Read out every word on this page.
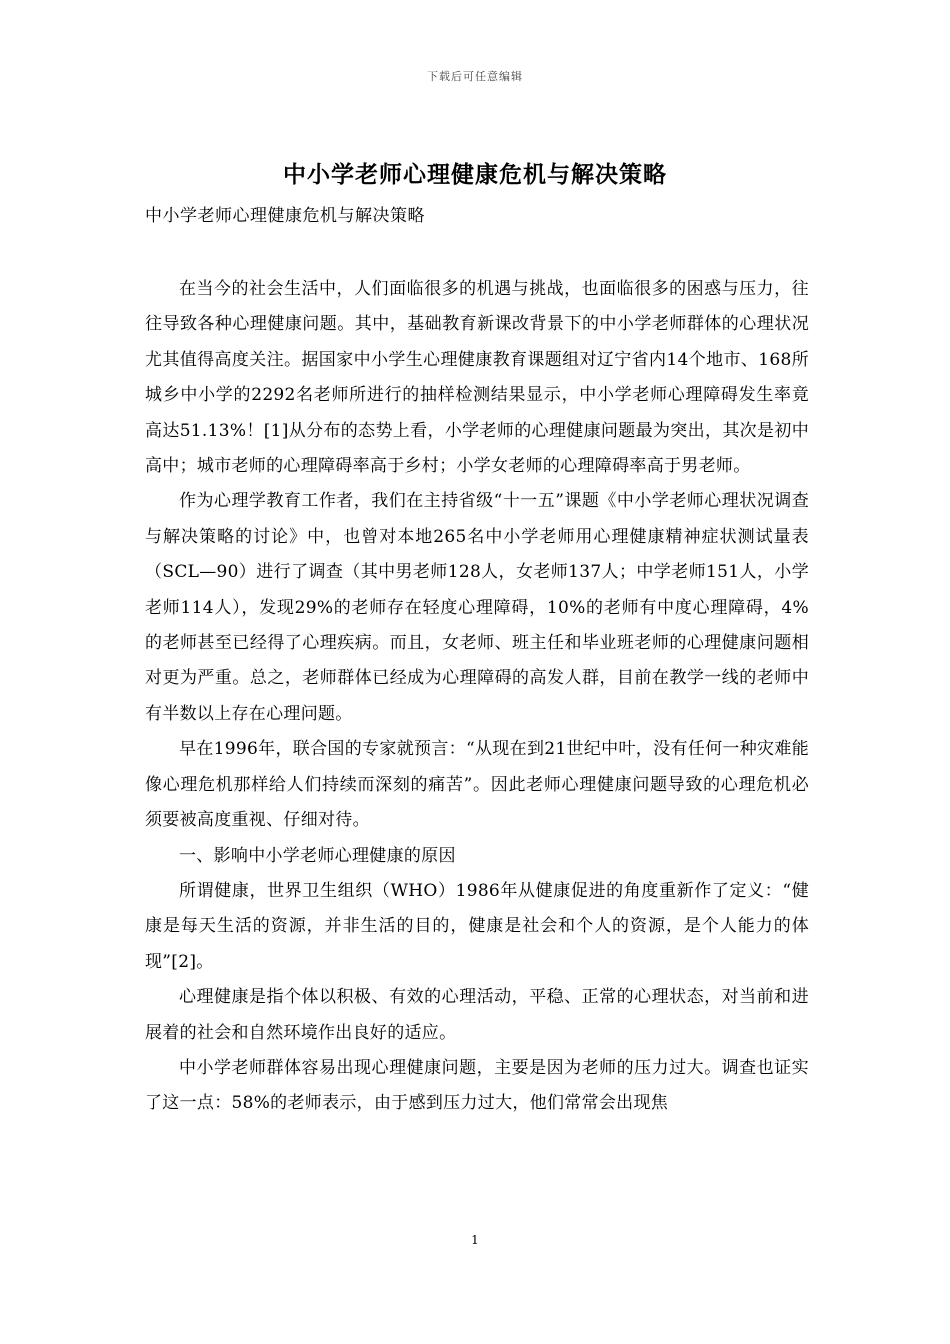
下载后可任意编辑
中小学老师心理健康危机与解决策略
中小学老师心理健康危机与解决策略

在当今的社会生活中，人们面临很多的机遇与挑战，也面临很多的困惑与压力，往往导致各种心理健康问题。其中，基础教育新课改背景下的中小学老师群体的心理状况尤其值得高度关注。据国家中小学生心理健康教育课题组对辽宁省内14个地市、168所城乡中小学的2292名老师所进行的抽样检测结果显示，中小学老师心理障碍发生率竟高达51.13%！[1]从分布的态势上看，小学老师的心理健康问题最为突出，其次是初中高中；城市老师的心理障碍率高于乡村；小学女老师的心理障碍率高于男老师。

作为心理学教育工作者，我们在主持省级“十一五”课题《中小学老师心理状况调查与解决策略的讨论》中，也曾对本地265名中小学老师用心理健康精神症状测试量表（SCL—90）进行了调查（其中男老师128人，女老师137人；中学老师151人，小学老师114人），发现29%的老师存在轻度心理障碍，10%的老师有中度心理障碍，4%的老师甚至已经得了心理疾病。而且，女老师、班主任和毕业班老师的心理健康问题相对更为严重。总之，老师群体已经成为心理障碍的高发人群，目前在教学一线的老师中有半数以上存在心理问题。

早在1996年，联合国的专家就预言：“从现在到21世纪中叶，没有任何一种灾难能像心理危机那样给人们持续而深刻的痛苦”。因此老师心理健康问题导致的心理危机必须要被高度重视、仔细对待。

一、影响中小学老师心理健康的原因

所谓健康，世界卫生组织（WHO）1986年从健康促进的角度重新作了定义：“健康是每天生活的资源，并非生活的目的，健康是社会和个人的资源，是个人能力的体现”[2]。

心理健康是指个体以积极、有效的心理活动，平稳、正常的心理状态，对当前和进展着的社会和自然环境作出良好的适应。

中小学老师群体容易出现心理健康问题，主要是因为老师的压力过大。调查也证实了这一点：58%的老师表示，由于感到压力过大，他们常常会出现焦

1
